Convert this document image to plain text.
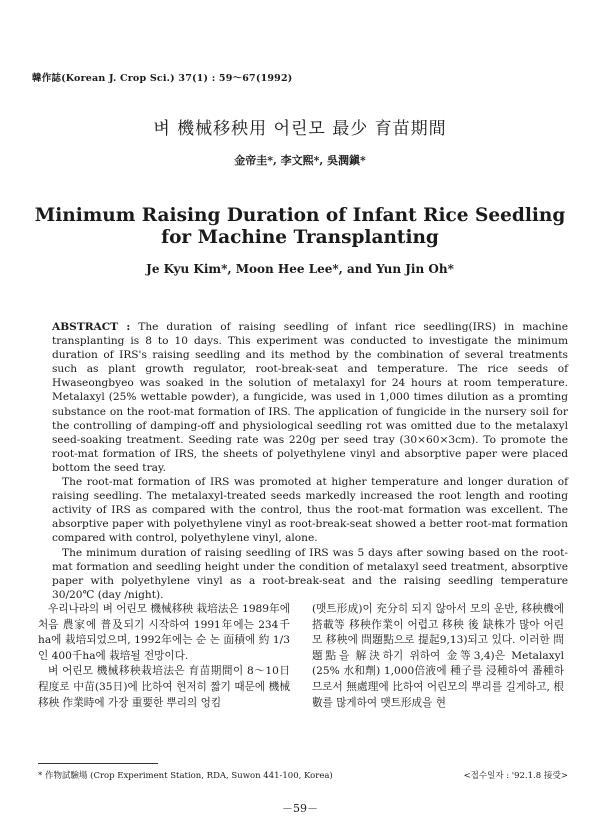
韓作誌(Korean J. Crop Sci.) 37(1) : 59～67(1992)
벼 機械移秧用 어린모 最少 育苗期間
金帝圭*, 李文熙*, 吳潤鎭*
Minimum Raising Duration of Infant Rice Seedling
for Machine Transplanting
Je Kyu Kim*, Moon Hee Lee*, and Yun Jin Oh*

ABSTRACT : The duration of raising seedling of infant rice seedling(IRS) in machine transplanting is 8 to 10 days. This experiment was conducted to investigate the minimum duration of IRS's raising seedling and its method by the combination of several treatments such as plant growth regulator, root-break-seat and temperature. The rice seeds of Hwaseongbyeo was soaked in the solution of metalaxyl for 24 hours at room temperature. Metalaxyl (25% wettable powder), a fungicide, was used in 1,000 times dilution as a promting substance on the root-mat formation of IRS. The application of fungicide in the nursery soil for the controlling of damping-off and physiological seedling rot was omitted due to the metalaxyl seed-soaking treatment. Seeding rate was 220g per seed tray (30×60×3cm). To promote the root-mat formation of IRS, the sheets of polyethylene vinyl and absorptive paper were placed bottom the seed tray.

The root-mat formation of IRS was promoted at higher temperature and longer duration of raising seedling. The metalaxyl-treated seeds markedly increased the root length and rooting activity of IRS as compared with the control, thus the root-mat formation was excellent. The absorptive paper with polyethylene vinyl as root-break-seat showed a better root-mat formation compared with control, polyethylene vinyl, alone.

The minimum duration of raising seedling of IRS was 5 days after sowing based on the root-mat formation and seedling height under the condition of metalaxyl seed treatment, absorptive paper with polyethylene vinyl as a root-break-seat and the raising seedling temperature 30/20℃ (day /night).

우리나라의 벼 어린모 機械移秧 栽培法은 1989年에 처음 農家에 普及되기 시작하여 1991年에는 234千ha에 栽培되었으며, 1992年에는 순 논 面積에 約 1/3인 400千ha에 栽培될 전망이다.

벼 어린모 機械移秧栽培法은 育苗期間이 8～10日 程度로 中苗(35日)에 比하여 현저히 짧기 때문에 機械移秧 作業時에 가장 重要한 뿌리의 엉킴

(맷트形成)이 充分히 되지 않아서 모의 운반, 移秧機에 搭載等 移秧作業이 어렵고 移秧 後 缺株가 많아 어린모 移秧에 問題點으로 提起9,13)되고 있다. 이러한 問題點을 解決하기 위하여 金等3,4)은 Metalaxyl (25% 水和劑) 1,000倍液에 種子를 浸種하여 番種하므로서 無處理에 比하여 어린모의 뿌리를 길게하고, 根數를 많게하여 맷트形成을 현

* 作物試驗場 (Crop Experiment Station, RDA, Suwon 441-100, Korea)	<접수일자 : '92.1.8 接受>
－59－
